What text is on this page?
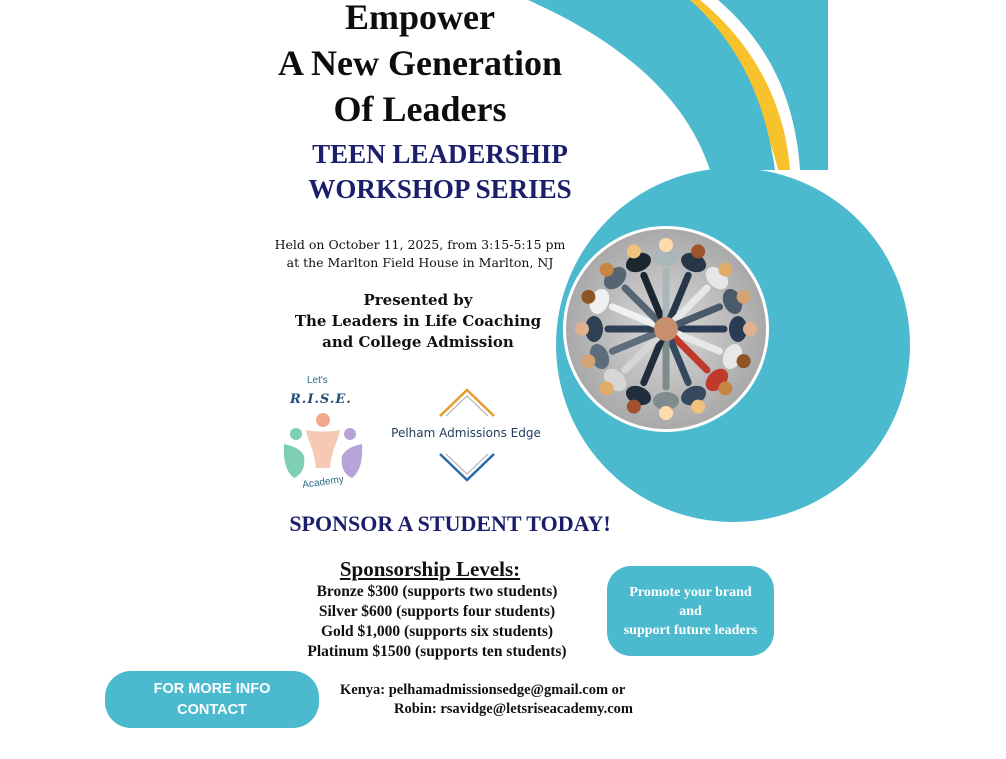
Empower
A New Generation
Of Leaders
TEEN LEADERSHIP
WORKSHOP SERIES
Held on October 11, 2025, from 3:15-5:15 pm
at the Marlton Field House in Marlton, NJ
Presented by
The Leaders in Life Coaching
and College Admission
Let's
R.I.S.E.
Academy
Pelham Admissions Edge
SPONSOR A STUDENT TODAY!
Sponsorship Levels:
Bronze $300 (supports two students)
Silver $600 (supports four students)
Gold $1,000 (supports six students)
Platinum $1500 (supports ten students)
Promote your brand
and
support future leaders
FOR MORE INFO
CONTACT
Kenya: pelhamadmissionsedge@gmail.com or
Robin: rsavidge@letsriseacademy.com
